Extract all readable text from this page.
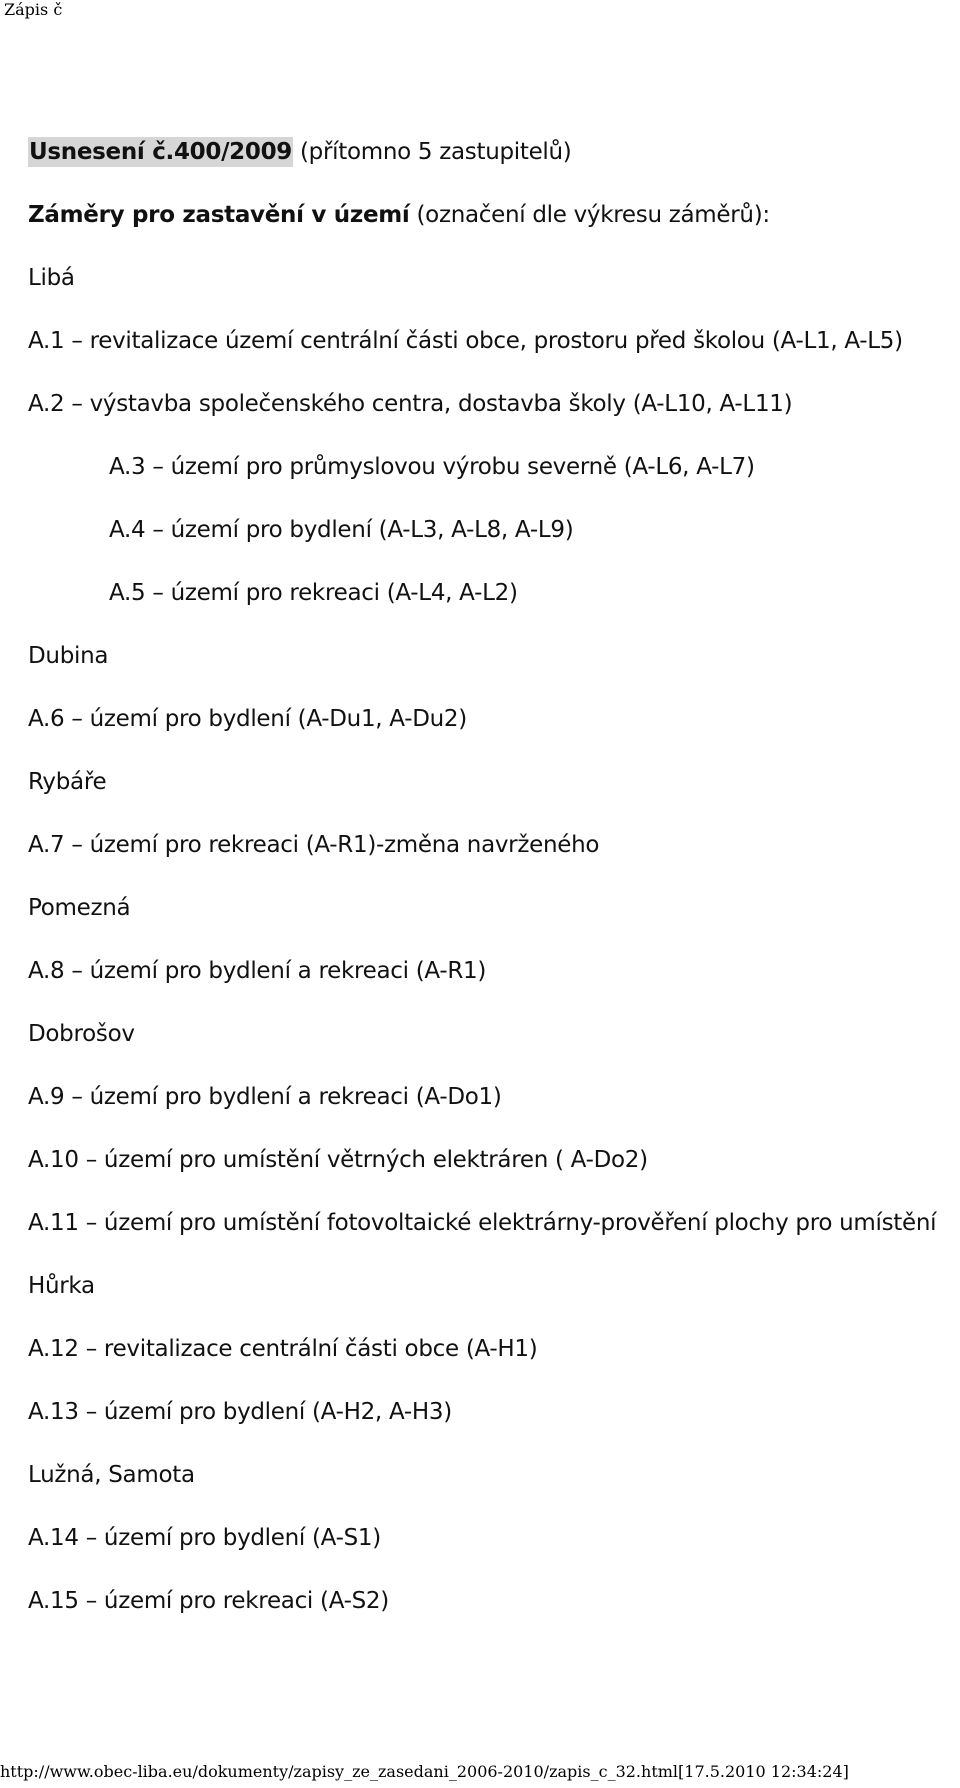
Zápis č
Usnesení č.400/2009 (přítomno 5 zastupitelů)
Záměry pro zastavění v území (označení dle výkresu záměrů):
Libá
A.1 – revitalizace území centrální části obce, prostoru před školou (A-L1, A-L5)
A.2 – výstavba společenského centra, dostavba školy (A-L10, A-L11)
A.3 – území pro průmyslovou výrobu severně (A-L6, A-L7)
A.4 – území pro bydlení (A-L3, A-L8, A-L9)
A.5 – území pro rekreaci (A-L4, A-L2)
Dubina
A.6 – území pro bydlení (A-Du1, A-Du2)
Rybáře
A.7 – území pro rekreaci (A-R1)-změna navrženého
Pomezná
A.8 – území pro bydlení a rekreaci (A-R1)
Dobrošov
A.9 – území pro bydlení a rekreaci (A-Do1)
A.10 – území pro umístění větrných elektráren ( A-Do2)
A.11 – území pro umístění fotovoltaické elektrárny-prověření plochy pro umístění
Hůrka
A.12 – revitalizace centrální části obce (A-H1)
A.13 – území pro bydlení (A-H2, A-H3)
Lužná, Samota
A.14 – území pro bydlení (A-S1)
A.15 – území pro rekreaci (A-S2)
http://www.obec-liba.eu/dokumenty/zapisy_ze_zasedani_2006-2010/zapis_c_32.html[17.5.2010 12:34:24]
